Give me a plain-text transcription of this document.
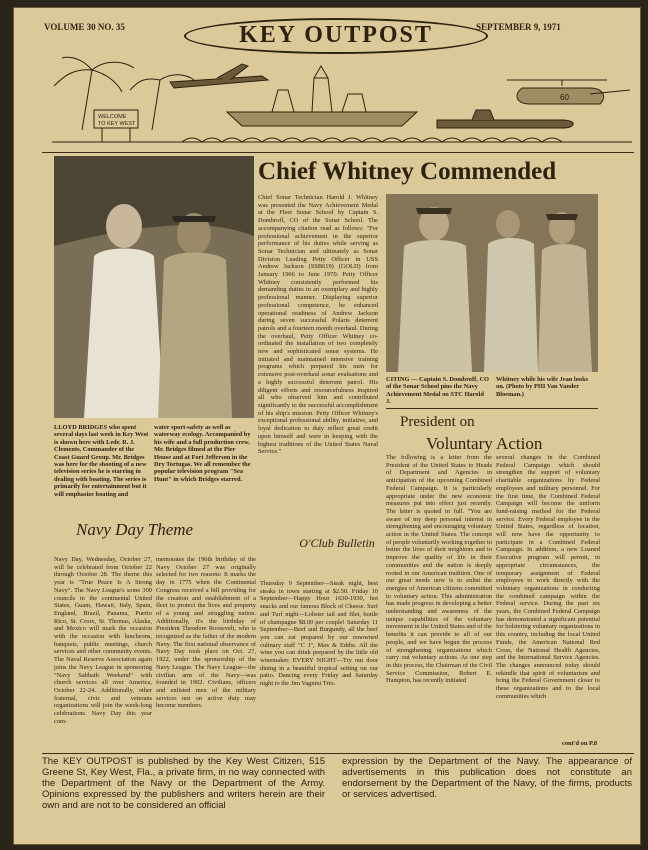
VOLUME 30 NO. 35	KEY OUTPOST	SEPTEMBER 9, 1971
60
WELCOME
TO KEY WEST
Chief Whitney Commended
Chief Sonar Technician Harold J. Whitney was presented the Navy Achievement Medal at the Fleet Sonar School by Captain S. Dombroff, CO of the Sonar School. The accompanying citation read as follows: "For professional achievement in the superior performance of his duties while serving as Sonar Technician and ultimately as Sonar Division Leading Petty Officer in USS Andrew Jackson (SSB619) (GOLD) from January 1966 to June 1970. Petty Officer Whitney consistently performed his demanding duties in an exemplary and highly professional manner. Displaying superior professional competence, he enhanced operational readiness of Andrew Jackson during seven successful Polaris deterrent patrols and a fourteen month overhaul. During the overhaul, Petty Officer Whitney co-ordinated the installation of two completely new and sophisticated sonar systems. He initiated and maintained intensive training programs which prepared his men for extensive post-overhaul sonar evaluations and a highly successful deterrent patrol. His diligent efforts and resourcefulness inspired all who observed him and contributed significantly to the successful accomplishment of his ship's mission. Petty Officer Whitney's exceptional professional ability, initiative, and loyal dedication to duty reflect great credit upon himself and were in keeping with the highest traditions of the United States Naval Service."
LLOYD BRIDGES who spent several days last week in Key West is shown here with Ledr. R. J. Clements, Commander of the Coast Guard Group. Mr. Bridges was here for the shooting of a new television series he is starring in dealing with boating. The series is primarily for entertainment but it will emphasize boating and
water sport-safety as well as waterway ecology. Accompanied by his wife and a full production crew, Mr. Bridges filmed at the Pier House and at Fort Jefferson in the Dry Tortugas. We all remember the popular television program "Sea Hunt" in which Bridges starred.
CITING — Captain S. Dombroff, CO of the Sonar School pins the Navy Achievement Medal on STC Harold J.
Whitney while his wife Jean looks on. (Photo by PHI Van Vander Bloeman.)
Navy Day Theme
Navy Day, Wednesday, October 27, will be celebrated from October 22 through October 28. The theme this year is "True Peace Is A Strong Navy". The Navy League's some 300 councils in the continental United States, Guam, Hawaii, Italy, Spain, England, Brazil, Panama, Puerto Rico, St. Croix, St. Thomas, Alaska, and Mexico will mark the occasion with the occasion with luncheons, banquets, public meetings, church services and other community events. The Naval Reserve Association again joins the Navy League in sponsoring "Navy Sabbath Weekend" with church services all over America, October 22-24. Additionally, other fraternal, civic and veterans organizations will join the week-long celebrations. Navy Day this year com-
memorates the 196th birthday of the Navy October 27 was originally selected for two reasons: It marks the day in 1775 when the Continental Congress received a bill providing for the creation and establishment of a fleet to protect the lives and property of a young and struggling nation. Additionally, it's the birthday of President Theodore Roosevelt, who is recognized as the father of the modern Navy. The first national observance of Navy Day took place on Oct. 27, 1922, under the sponsorship of the Navy League. The Navy League—the civilian arm of the Navy—was founded in 1902. Civilians, officers and enlisted men of the military services not on active duty may become members.
O'Club Bulletin
Thursday 9 September—Steak night, best steaks in town starting at $2.50. Friday 10 September—Happy Hour 1630-1930, hot snacks and our famous Block of Cheese. Surf and Turf night—Lobster tail and filet, bottle of champagne $8.00 per couple! Saturday 11 September—Beef and Burgundy, all the beef you can eat prepared by our renowned culinary staff "C J", Max & Eddie. All the wine you can drink prepared by the little old winemaker. EVERY NIGHT—Try out door dining in a beautiful tropical setting on our patio. Dancing every Friday and Saturday night to the Jim Vagnini Trio.
President on
Voluntary Action
The following is a letter from the President of the United States to Heads of Department and Agencies in anticipation of the upcoming Combined Federal Campaign. It is particularly appropriate under the new economic measures put into effect just recently. The letter is quoted in full. "You are aware of my deep personal interest in strengthening and encouraging voluntary action in the United States. The concept of people voluntarily working together to better the lives of their neighbors and to improve the quality of life in their communities and the nation is deeply rooted in our American tradition. One of our great needs now is to enlist the energies of American citizens committed to voluntary action. This administration has made progress in developing a better understanding and awareness of the unique capabilities of the voluntary movement in the United States and of the benefits it can provide to all of our people, and we have begun the process of strengthening organizations which carry out voluntary actions. As one step in this process, the Chairman of the Civil Service Commission, Robert E. Hampton, has recently initiated
several changes in the Combined Federal Campaign which should strengthen the support of voluntary charitable organizations by Federal employees and military personnel. For the first time, the Combined Federal Campaign will become the uniform fund-raising method for the Federal service. Every Federal employee in the United States, regardless of location, will now have the opportunity to participate in a Combined Federal Campaign. In addition, a new Loaned Executive program will permit, in appropriate circumstances, the temporary assignment of Federal employees to work directly with the voluntary organizations in conducting the combined campaign within the Federal service. During the past six years, the Combined Federal Campaign has demonstrated a significant potential for bolstering voluntary organizations in this country, including the local United Funds, the American National Red Cross, the National Health Agencies, and the International Service Agencies. The changes announced today should rekindle that spirit of voluntarism and bring the Federal Government closer to these organizations and to the local communities which
cont'd on P.8
The KEY OUTPOST is published by the Key West Citizen, 515 Greene St, Key West, Fla., a private firm, in no way connected with the Department of the Navy or the Department of the Army. Opinions expressed by the publishers and writers herein are their own and are not to be considered an official
expression by the Department of the Navy. The appearance of advertisements in this publication does not constitute an endorsement by the Department of the Navy, of the firms, products or services advertised.
